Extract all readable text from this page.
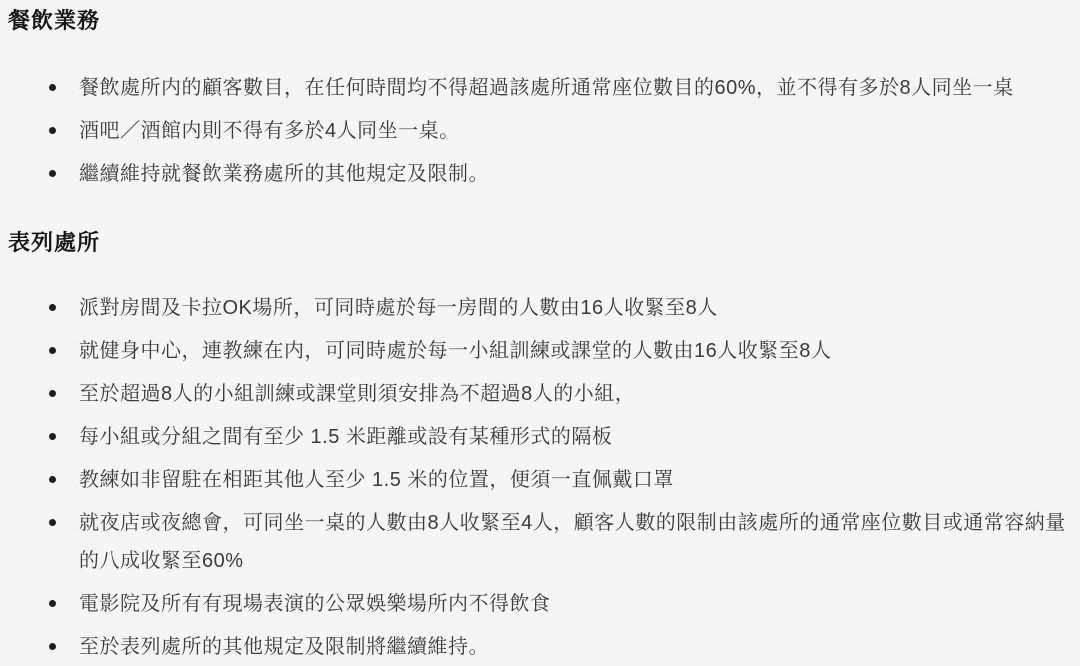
餐飲業務
餐飲處所内的顧客數目，在任何時間均不得超過該處所通常座位數目的60%，並不得有多於8人同坐一桌
酒吧／酒館内則不得有多於4人同坐一桌。
繼續維持就餐飲業務處所的其他規定及限制。
表列處所
派對房間及卡拉OK場所，可同時處於每一房間的人數由16人收緊至8人
就健身中心，連教練在内，可同時處於每一小組訓練或課堂的人數由16人收緊至8人
至於超過8人的小組訓練或課堂則須安排為不超過8人的小組，
每小組或分組之間有至少 1.5 米距離或設有某種形式的隔板
教練如非留駐在相距其他人至少 1.5 米的位置，便須一直佩戴口罩
就夜店或夜總會，可同坐一桌的人數由8人收緊至4人，顧客人數的限制由該處所的通常座位數目或通常容納量的八成收緊至60%
電影院及所有有現場表演的公眾娛樂場所内不得飲食
至於表列處所的其他規定及限制將繼續維持。
